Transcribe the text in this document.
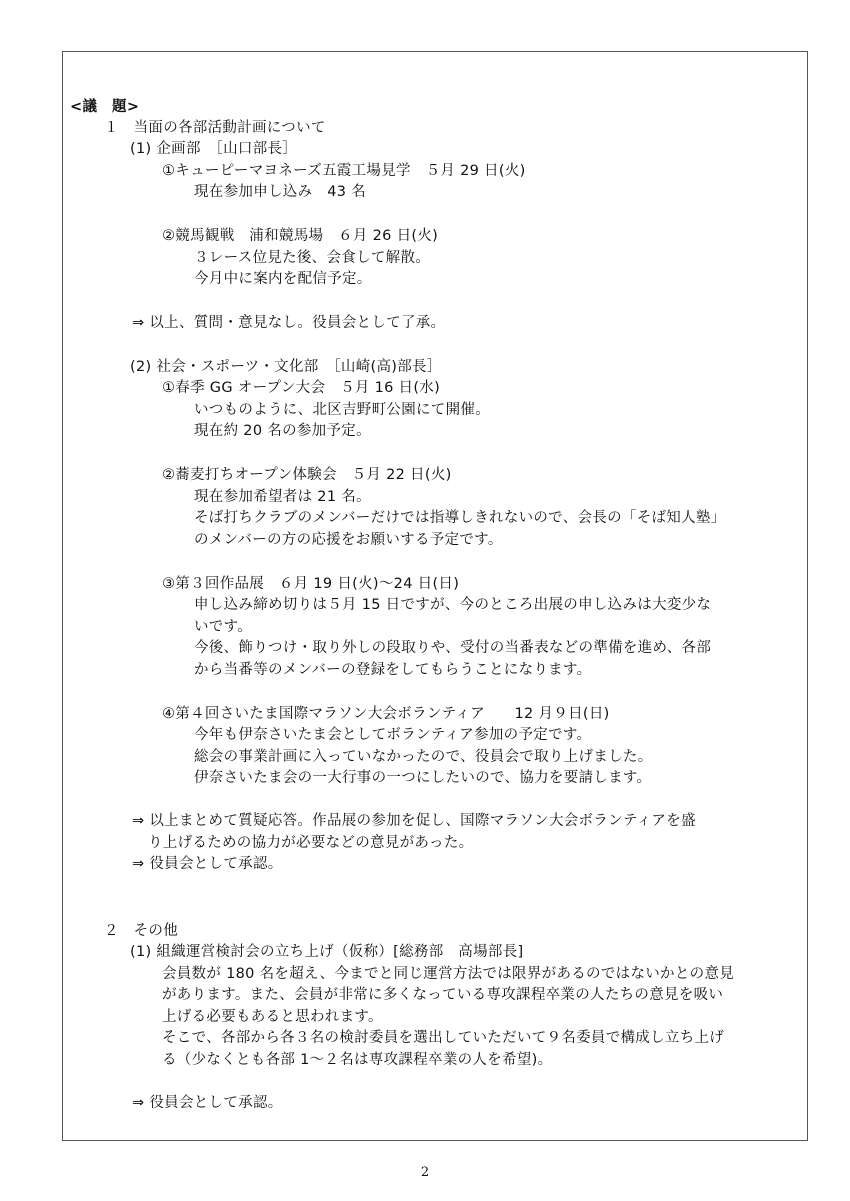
<議　題>
１　当面の各部活動計画について
(1) 企画部　［山口部長］
①キューピーマヨネーズ五霞工場見学　５月 29 日(火)
現在参加申し込み　43 名
②競馬観戦　浦和競馬場　６月 26 日(火)
３レース位見た後、会食して解散。
今月中に案内を配信予定。
⇒ 以上、質問・意見なし。役員会として了承。
(2) 社会・スポーツ・文化部　［山崎(高)部長］
①春季 GG オープン大会　５月 16 日(水)
いつものように、北区吉野町公園にて開催。
現在約 20 名の参加予定。
②蕎麦打ちオープン体験会　５月 22 日(火)
現在参加希望者は 21 名。
そば打ちクラブのメンバーだけでは指導しきれないので、会長の「そば知人塾」
のメンバーの方の応援をお願いする予定です。
③第３回作品展　６月 19 日(火)～24 日(日)
申し込み締め切りは５月 15 日ですが、今のところ出展の申し込みは大変少な
いです。
今後、飾りつけ・取り外しの段取りや、受付の当番表などの準備を進め、各部
から当番等のメンバーの登録をしてもらうことになります。
④第４回さいたま国際マラソン大会ボランティア　　12 月９日(日)
今年も伊奈さいたま会としてボランティア参加の予定です。
総会の事業計画に入っていなかったので、役員会で取り上げました。
伊奈さいたま会の一大行事の一つにしたいので、協力を要請します。
⇒ 以上まとめて質疑応答。作品展の参加を促し、国際マラソン大会ボランティアを盛
り上げるための協力が必要などの意見があった。
⇒ 役員会として承認。
２　その他
(1) 組織運営検討会の立ち上げ（仮称）[総務部　高場部長]
会員数が 180 名を超え、今までと同じ運営方法では限界があるのではないかとの意見
があります。また、会員が非常に多くなっている専攻課程卒業の人たちの意見を吸い
上げる必要もあると思われます。
そこで、各部から各３名の検討委員を選出していただいて９名委員で構成し立ち上げ
る（少なくとも各部 1～２名は専攻課程卒業の人を希望)。
⇒ 役員会として承認。
2
